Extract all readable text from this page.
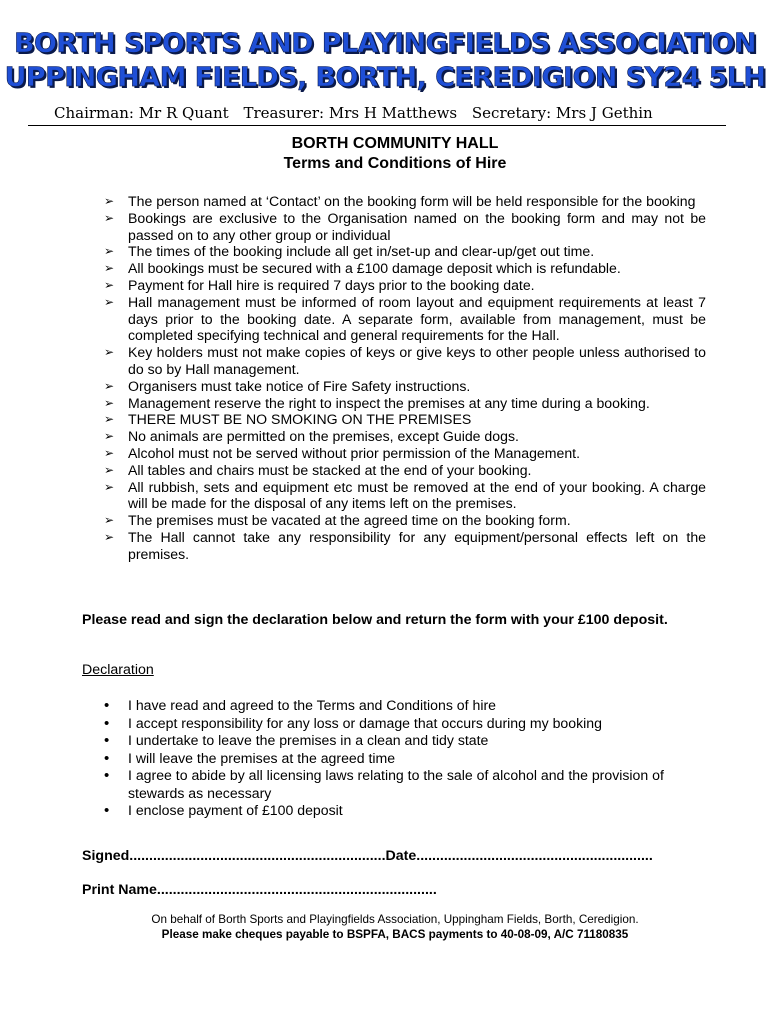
BORTH SPORTS AND PLAYINGFIELDS ASSOCIATION
UPPINGHAM FIELDS, BORTH, CEREDIGION SY24 5LH
Chairman: Mr R Quant Treasurer: Mrs H Matthews Secretary: Mrs J Gethin
BORTH COMMUNITY HALL
Terms and Conditions of Hire
➢ The person named at ‘Contact’ on the booking form will be held responsible for the booking
➢ Bookings are exclusive to the Organisation named on the booking form and may not be passed on to any other group or individual
➢ The times of the booking include all get in/set-up and clear-up/get out time.
➢ All bookings must be secured with a £100 damage deposit which is refundable.
➢ Payment for Hall hire is required 7 days prior to the booking date.
➢ Hall management must be informed of room layout and equipment requirements at least 7 days prior to the booking date. A separate form, available from management, must be completed specifying technical and general requirements for the Hall.
➢ Key holders must not make copies of keys or give keys to other people unless authorised to do so by Hall management.
➢ Organisers must take notice of Fire Safety instructions.
➢ Management reserve the right to inspect the premises at any time during a booking.
➢ THERE MUST BE NO SMOKING ON THE PREMISES
➢ No animals are permitted on the premises, except Guide dogs.
➢ Alcohol must not be served without prior permission of the Management.
➢ All tables and chairs must be stacked at the end of your booking.
➢ All rubbish, sets and equipment etc must be removed at the end of your booking. A charge will be made for the disposal of any items left on the premises.
➢ The premises must be vacated at the agreed time on the booking form.
➢ The Hall cannot take any responsibility for any equipment/personal effects left on the premises.
Please read and sign the declaration below and return the form with your £100 deposit.
Declaration
• I have read and agreed to the Terms and Conditions of hire
• I accept responsibility for any loss or damage that occurs during my booking
• I undertake to leave the premises in a clean and tidy state
• I will leave the premises at the agreed time
• I agree to abide by all licensing laws relating to the sale of alcohol and the provision of stewards as necessary
• I enclose payment of £100 deposit
Signed.................................................................Date............................................................
Print Name.......................................................................
On behalf of Borth Sports and Playingfields Association, Uppingham Fields, Borth, Ceredigion.
Please make cheques payable to BSPFA, BACS payments to 40-08-09, A/C 71180835
